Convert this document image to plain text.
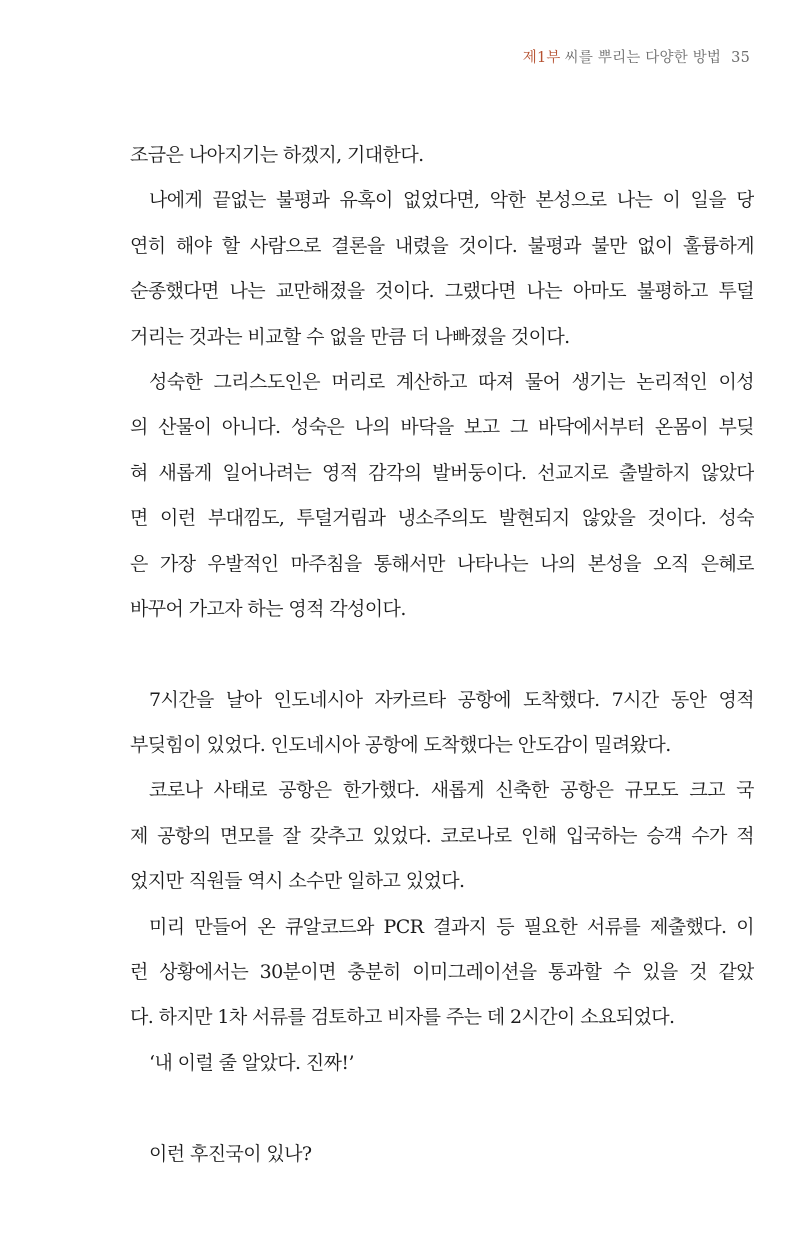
제1부 씨를 뿌리는 다양한 방법 35
조금은 나아지기는 하겠지, 기대한다.
나에게 끝없는 불평과 유혹이 없었다면, 악한 본성으로 나는 이 일을 당
연히 해야 할 사람으로 결론을 내렸을 것이다. 불평과 불만 없이 훌륭하게
순종했다면 나는 교만해졌을 것이다. 그랬다면 나는 아마도 불평하고 투덜
거리는 것과는 비교할 수 없을 만큼 더 나빠졌을 것이다.
성숙한 그리스도인은 머리로 계산하고 따져 물어 생기는 논리적인 이성
의 산물이 아니다. 성숙은 나의 바닥을 보고 그 바닥에서부터 온몸이 부딪
혀 새롭게 일어나려는 영적 감각의 발버둥이다. 선교지로 출발하지 않았다
면 이런 부대낌도, 투덜거림과 냉소주의도 발현되지 않았을 것이다. 성숙
은 가장 우발적인 마주침을 통해서만 나타나는 나의 본성을 오직 은혜로
바꾸어 가고자 하는 영적 각성이다.
7시간을 날아 인도네시아 자카르타 공항에 도착했다. 7시간 동안 영적
부딪힘이 있었다. 인도네시아 공항에 도착했다는 안도감이 밀려왔다.
코로나 사태로 공항은 한가했다. 새롭게 신축한 공항은 규모도 크고 국
제 공항의 면모를 잘 갖추고 있었다. 코로나로 인해 입국하는 승객 수가 적
었지만 직원들 역시 소수만 일하고 있었다.
미리 만들어 온 큐알코드와 PCR 결과지 등 필요한 서류를 제출했다. 이
런 상황에서는 30분이면 충분히 이미그레이션을 통과할 수 있을 것 같았
다. 하지만 1차 서류를 검토하고 비자를 주는 데 2시간이 소요되었다.
‘내 이럴 줄 알았다. 진짜!’
이런 후진국이 있나?
